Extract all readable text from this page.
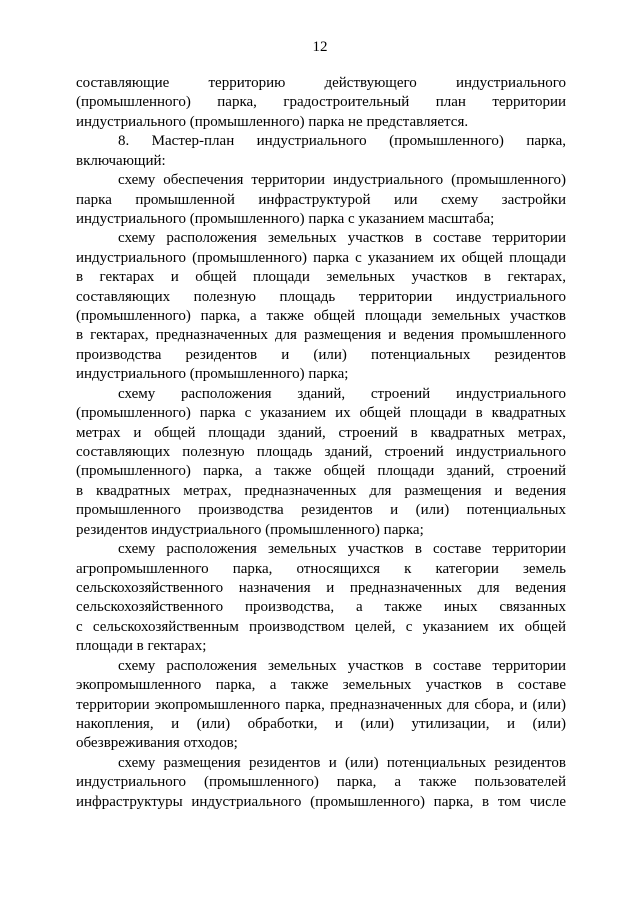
12
составляющие территорию действующего индустриального
(промышленного) парка, градостроительный план территории
индустриального (промышленного) парка не представляется.
8. Мастер-план индустриального (промышленного) парка,
включающий:
схему обеспечения территории индустриального (промышленного)
парка промышленной инфраструктурой или схему застройки
индустриального (промышленного) парка с указанием масштаба;
схему расположения земельных участков в составе территории
индустриального (промышленного) парка с указанием их общей площади
в гектарах и общей площади земельных участков в гектарах,
составляющих полезную площадь территории индустриального
(промышленного) парка, а также общей площади земельных участков
в гектарах, предназначенных для размещения и ведения промышленного
производства резидентов и (или) потенциальных резидентов
индустриального (промышленного) парка;
схему расположения зданий, строений индустриального
(промышленного) парка с указанием их общей площади в квадратных
метрах и общей площади зданий, строений в квадратных метрах,
составляющих полезную площадь зданий, строений индустриального
(промышленного) парка, а также общей площади зданий, строений
в квадратных метрах, предназначенных для размещения и ведения
промышленного производства резидентов и (или) потенциальных
резидентов индустриального (промышленного) парка;
схему расположения земельных участков в составе территории
агропромышленного парка, относящихся к категории земель
сельскохозяйственного назначения и предназначенных для ведения
сельскохозяйственного производства, а также иных связанных
с сельскохозяйственным производством целей, с указанием их общей
площади в гектарах;
схему расположения земельных участков в составе территории
экопромышленного парка, а также земельных участков в составе
территории экопромышленного парка, предназначенных для сбора, и (или)
накопления, и (или) обработки, и (или) утилизации, и (или)
обезвреживания отходов;
схему размещения резидентов и (или) потенциальных резидентов
индустриального (промышленного) парка, а также пользователей
инфраструктуры индустриального (промышленного) парка, в том числе
